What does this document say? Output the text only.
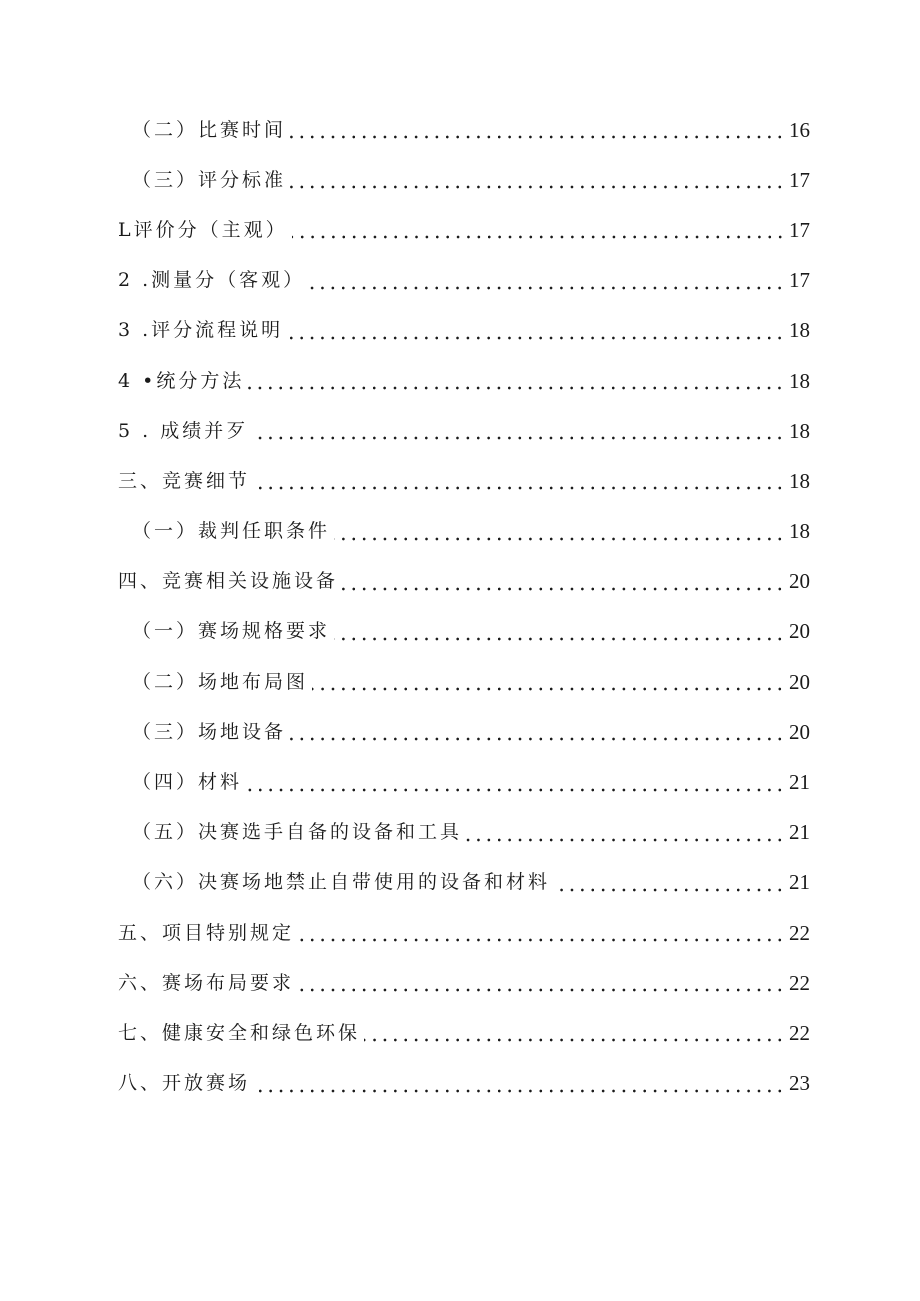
（二）比赛时间	16
（三）评分标准	17
L评价分（主观）	17
2 .测量分（客观）	17
3 .评分流程说明	18
4 •统分方法	18
5 . 成绩并歹	18
三、竞赛细节	18
（一）裁判任职条件	18
四、竞赛相关设施设备	20
（一）赛场规格要求	20
（二）场地布局图	20
（三）场地设备	20
（四）材料	21
（五）决赛选手自备的设备和工具	21
（六）决赛场地禁止自带使用的设备和材料	21
五、项目特别规定	22
六、赛场布局要求	22
七、健康安全和绿色环保	22
八、开放赛场	23
